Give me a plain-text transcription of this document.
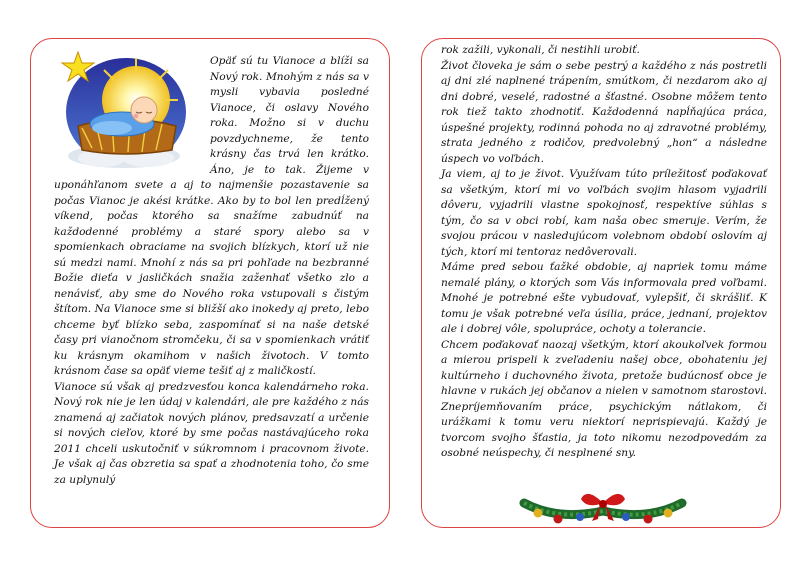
Opäť sú tu Vianoce a blíži sa Nový rok. Mnohým z nás sa v mysli vybavia posledné Vianoce, či oslavy Nového roka. Možno si v duchu povzdychneme, že tento krásny čas trvá len krátko. Áno, je to tak. Žijeme v uponáhľanom svete a aj to najmenšie pozastavenie sa počas Vianoc je akési krátke. Ako by to bol len predĺžený víkend, počas ktorého sa snažíme zabudnúť na každodenné problémy a staré spory alebo sa v spomienkach obraciame na svojich blízkych, ktorí už nie sú medzi nami. Mnohí z nás sa pri pohľade na bezbranné Božie dieťa v jasličkách snažia zaženhať všetko zlo a nenávisť, aby sme do Nového roka vstupovali s čistým štítom. Na Vianoce sme si bližší ako inokedy aj preto, lebo chceme byť blízko seba, zaspomínať si na naše detské časy pri vianočnom stromčeku, či sa v spomienkach vrátiť ku krásnym okamihom v našich životoch. V tomto krásnom čase sa opäť vieme tešiť aj z maličkostí.

Vianoce sú však aj predzvesťou konca kalendárneho roka. Nový rok nie je len údaj v kalendári, ale pre každého z nás znamená aj začiatok nových plánov, predsavzatí a určenie si nových cieľov, ktoré by sme počas nastávajúceho roka 2011 chceli uskutočniť v súkromnom i pracovnom živote. Je však aj čas obzretia sa spať a zhodnotenia toho, čo sme za uplynulý

rok zažili, vykonali, či nestihli urobiť.

Život človeka je sám o sebe pestrý a každého z nás postretli aj dni zlé naplnené trápením, smútkom, či nezdarom ako aj dni dobré, veselé, radostné a šťastné. Osobne môžem tento rok tiež takto zhodnotiť. Každodenná napĺňajúca práca, úspešné projekty, rodinná pohoda no aj zdravotné problémy, strata jedného z rodičov, predvolebný „hon“ a následne úspech vo voľbách.

Ja viem, aj to je život. Využívam túto príležitosť poďakovať sa všetkým, ktorí mi vo voľbách svojim hlasom vyjadrili dôveru, vyjadrili vlastne spokojnosť, respektíve súhlas s tým, čo sa v obci robí, kam naša obec smeruje. Verím, že svojou prácou v nasledujúcom volebnom období oslovím aj tých, ktorí mi tentoraz nedôverovali.

Máme pred sebou ťažké obdobie, aj napriek tomu máme nemalé plány, o ktorých som Vás informovala pred voľbami. Mnohé je potrebné ešte vybudovať, vylepšiť, či skrášliť. K tomu je však potrebné veľa úsilia, práce, jednaní, projektov ale i dobrej vôle, spolupráce, ochoty a tolerancie.

Chcem poďakovať naozaj všetkým, ktorí akoukoľvek formou a mierou prispeli k zveľadeniu našej obce, obohateniu jej kultúrneho i duchovného života, pretože budúcnosť obce je hlavne v rukách jej občanov a nielen v samotnom starostovi. Znepríjemňovaním práce, psychickým nátlakom, či urážkami k tomu veru niektorí neprispievajú. Každý je tvorcom svojho šťastia, ja toto nikomu nezodpovedám za osobné neúspechy, či nesplnené sny.
